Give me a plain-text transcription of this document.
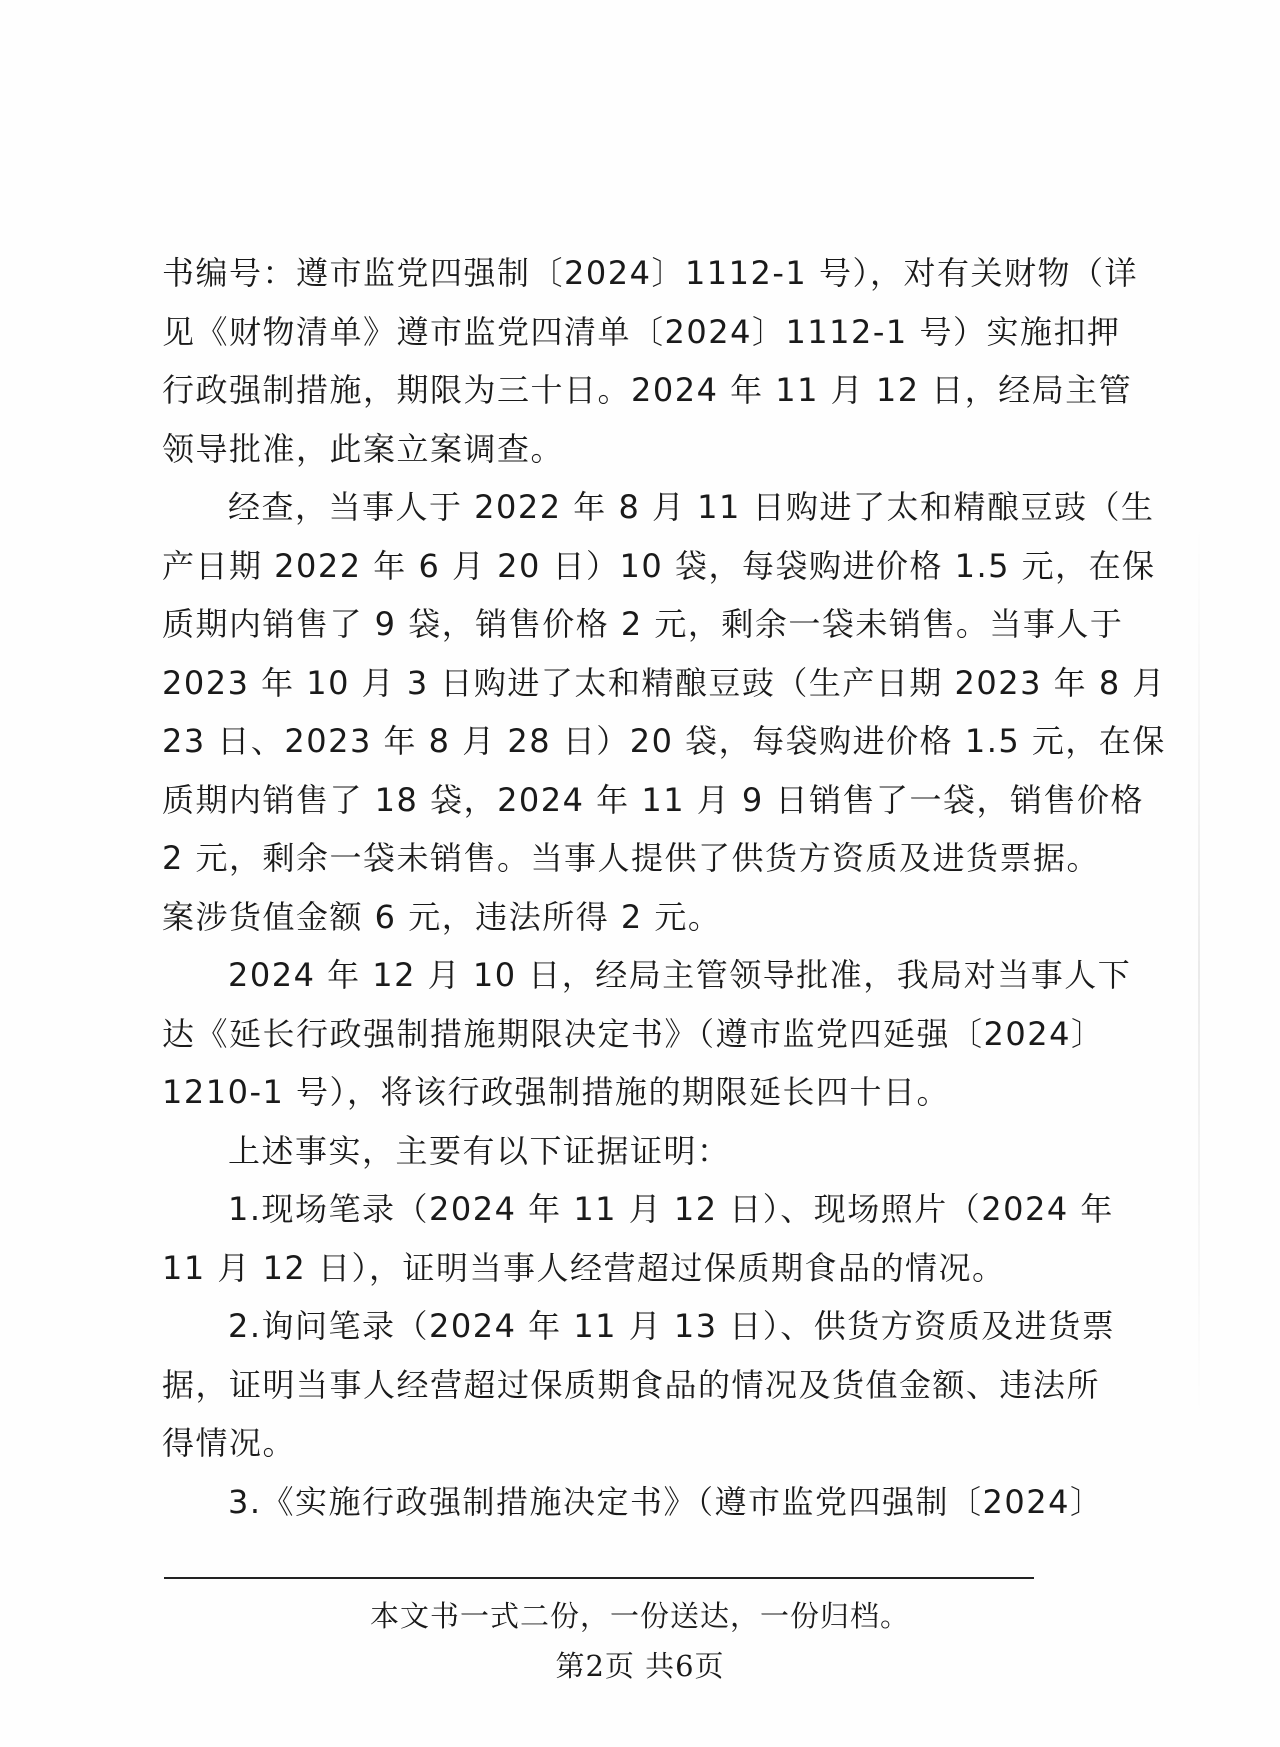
书编号：遵市监党四强制〔2024〕1112-1 号），对有关财物（详
见《财物清单》遵市监党四清单〔2024〕1112-1 号）实施扣押
行政强制措施，期限为三十日。2024 年 11 月 12 日，经局主管
领导批准，此案立案调查。
经查，当事人于 2022 年 8 月 11 日购进了太和精酿豆豉（生
产日期 2022 年 6 月 20 日）10 袋，每袋购进价格 1.5 元，在保
质期内销售了 9 袋，销售价格 2 元，剩余一袋未销售。当事人于
2023 年 10 月 3 日购进了太和精酿豆豉（生产日期 2023 年 8 月
23 日、2023 年 8 月 28 日）20 袋，每袋购进价格 1.5 元，在保
质期内销售了 18 袋，2024 年 11 月 9 日销售了一袋，销售价格
2 元，剩余一袋未销售。当事人提供了供货方资质及进货票据。
案涉货值金额 6 元，违法所得 2 元。
2024 年 12 月 10 日，经局主管领导批准，我局对当事人下
达《延长行政强制措施期限决定书》（遵市监党四延强〔2024〕
1210-1 号），将该行政强制措施的期限延长四十日。
上述事实，主要有以下证据证明：
1.现场笔录（2024 年 11 月 12 日）、现场照片（2024 年
11 月 12 日），证明当事人经营超过保质期食品的情况。
2.询问笔录（2024 年 11 月 13 日）、供货方资质及进货票
据，证明当事人经营超过保质期食品的情况及货值金额、违法所
得情况。
3.《实施行政强制措施决定书》（遵市监党四强制〔2024〕
本文书一式二份，一份送达，一份归档。
第2页 共6页
